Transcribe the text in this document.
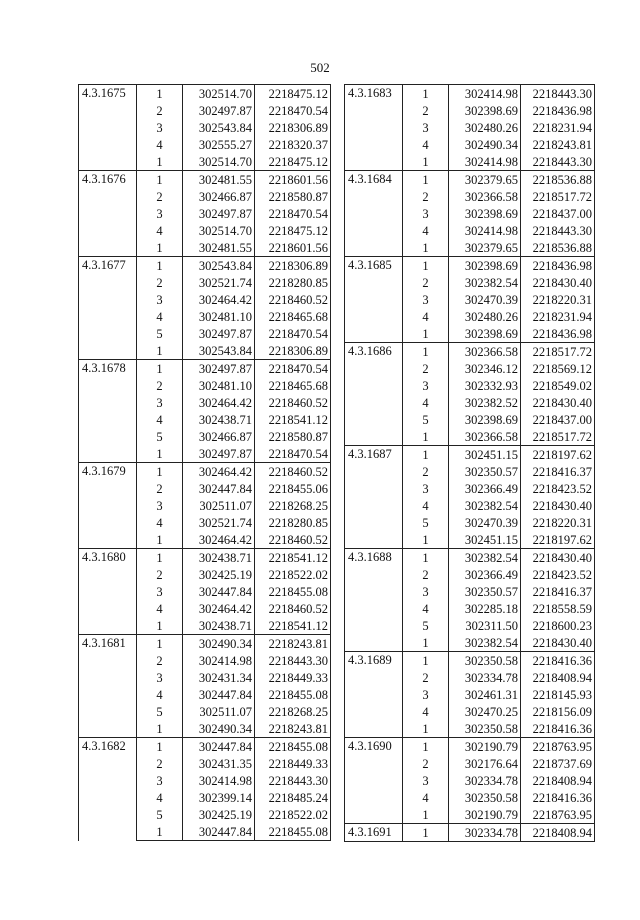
502
4.3.1675	1	302514.70	2218475.12
	2	302497.87	2218470.54
	3	302543.84	2218306.89
	4	302555.27	2218320.37
	1	302514.70	2218475.12
4.3.1676	1	302481.55	2218601.56
	2	302466.87	2218580.87
	3	302497.87	2218470.54
	4	302514.70	2218475.12
	1	302481.55	2218601.56
4.3.1677	1	302543.84	2218306.89
	2	302521.74	2218280.85
	3	302464.42	2218460.52
	4	302481.10	2218465.68
	5	302497.87	2218470.54
	1	302543.84	2218306.89
4.3.1678	1	302497.87	2218470.54
	2	302481.10	2218465.68
	3	302464.42	2218460.52
	4	302438.71	2218541.12
	5	302466.87	2218580.87
	1	302497.87	2218470.54
4.3.1679	1	302464.42	2218460.52
	2	302447.84	2218455.06
	3	302511.07	2218268.25
	4	302521.74	2218280.85
	1	302464.42	2218460.52
4.3.1680	1	302438.71	2218541.12
	2	302425.19	2218522.02
	3	302447.84	2218455.08
	4	302464.42	2218460.52
	1	302438.71	2218541.12
4.3.1681	1	302490.34	2218243.81
	2	302414.98	2218443.30
	3	302431.34	2218449.33
	4	302447.84	2218455.08
	5	302511.07	2218268.25
	1	302490.34	2218243.81
4.3.1682	1	302447.84	2218455.08
	2	302431.35	2218449.33
	3	302414.98	2218443.30
	4	302399.14	2218485.24
	5	302425.19	2218522.02
	1	302447.84	2218455.08
4.3.1683	1	302414.98	2218443.30
	2	302398.69	2218436.98
	3	302480.26	2218231.94
	4	302490.34	2218243.81
	1	302414.98	2218443.30
4.3.1684	1	302379.65	2218536.88
	2	302366.58	2218517.72
	3	302398.69	2218437.00
	4	302414.98	2218443.30
	1	302379.65	2218536.88
4.3.1685	1	302398.69	2218436.98
	2	302382.54	2218430.40
	3	302470.39	2218220.31
	4	302480.26	2218231.94
	1	302398.69	2218436.98
4.3.1686	1	302366.58	2218517.72
	2	302346.12	2218569.12
	3	302332.93	2218549.02
	4	302382.52	2218430.40
	5	302398.69	2218437.00
	1	302366.58	2218517.72
4.3.1687	1	302451.15	2218197.62
	2	302350.57	2218416.37
	3	302366.49	2218423.52
	4	302382.54	2218430.40
	5	302470.39	2218220.31
	1	302451.15	2218197.62
4.3.1688	1	302382.54	2218430.40
	2	302366.49	2218423.52
	3	302350.57	2218416.37
	4	302285.18	2218558.59
	5	302311.50	2218600.23
	1	302382.54	2218430.40
4.3.1689	1	302350.58	2218416.36
	2	302334.78	2218408.94
	3	302461.31	2218145.93
	4	302470.25	2218156.09
	1	302350.58	2218416.36
4.3.1690	1	302190.79	2218763.95
	2	302176.64	2218737.69
	3	302334.78	2218408.94
	4	302350.58	2218416.36
	1	302190.79	2218763.95
4.3.1691	1	302334.78	2218408.94
